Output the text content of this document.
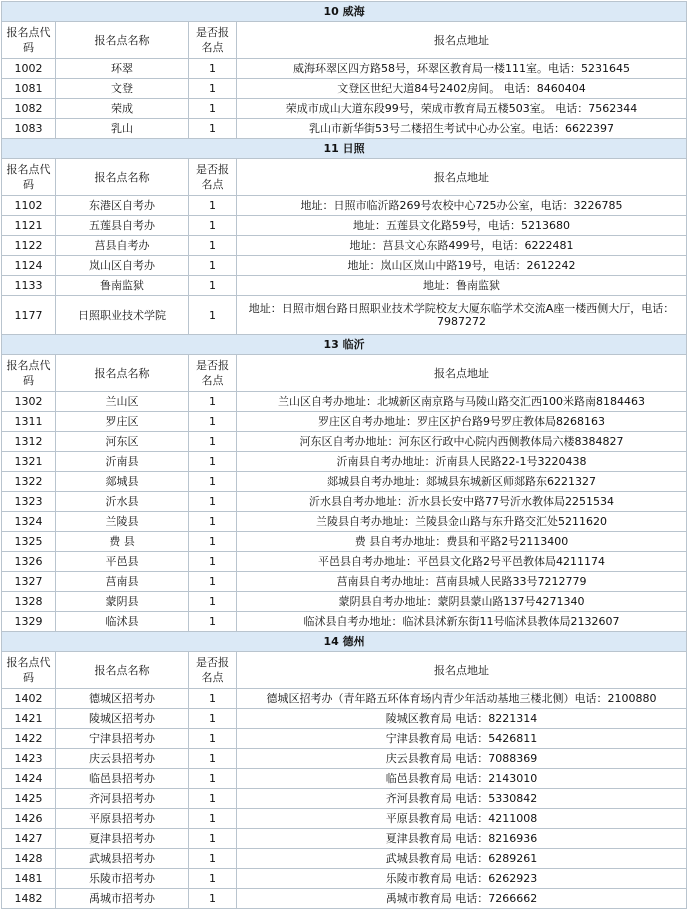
10 威海			
报名点代码	报名点名称	是否报名点	报名点地址
1002	环翠	1	威海环翠区四方路58号，环翠区教育局一楼111室。电话：5231645
1081	文登	1	文登区世纪大道84号2402房间。 电话：8460404
1082	荣成	1	荣成市成山大道东段99号，荣成市教育局五楼503室。 电话：7562344
1083	乳山	1	乳山市新华街53号二楼招生考试中心办公室。电话：6622397
11 日照			
报名点代码	报名点名称	是否报名点	报名点地址
1102	东港区自考办	1	地址：日照市临沂路269号农校中心725办公室，电话：3226785
1121	五莲县自考办	1	地址：五莲县文化路59号，电话：5213680
1122	莒县自考办	1	地址：莒县文心东路499号，电话：6222481
1124	岚山区自考办	1	地址：岚山区岚山中路19号，电话：2612242
1133	鲁南监狱	1	地址：鲁南监狱
1177	日照职业技术学院	1	地址：日照市烟台路日照职业技术学院校友大厦东临学术交流A座一楼西侧大厅，电话：7987272
13 临沂			
报名点代码	报名点名称	是否报名点	报名点地址
1302	兰山区	1	兰山区自考办地址：北城新区南京路与马陵山路交汇西100米路南8184463
1311	罗庄区	1	罗庄区自考办地址：罗庄区护台路9号罗庄教体局8268163
1312	河东区	1	河东区自考办地址：河东区行政中心院内西侧教体局六楼8384827
1321	沂南县	1	沂南县自考办地址：沂南县人民路22-1号3220438
1322	郯城县	1	郯城县自考办地址：郯城县东城新区师郯路东6221327
1323	沂水县	1	沂水县自考办地址：沂水县长安中路77号沂水教体局2251534
1324	兰陵县	1	兰陵县自考办地址：兰陵县金山路与东升路交汇处5211620
1325	费 县	1	费 县自考办地址：费县和平路2号2113400
1326	平邑县	1	平邑县自考办地址：平邑县文化路2号平邑教体局4211174
1327	莒南县	1	莒南县自考办地址：莒南县城人民路33号7212779
1328	蒙阴县	1	蒙阴县自考办地址：蒙阴县蒙山路137号4271340
1329	临沭县	1	临沭县自考办地址：临沭县沭新东街11号临沭县教体局2132607
14 德州			
报名点代码	报名点名称	是否报名点	报名点地址
1402	德城区招考办	1	德城区招考办（青年路五环体育场内青少年活动基地三楼北侧）电话：2100880
1421	陵城区招考办	1	陵城区教育局 电话：8221314
1422	宁津县招考办	1	宁津县教育局 电话：5426811
1423	庆云县招考办	1	庆云县教育局 电话：7088369
1424	临邑县招考办	1	临邑县教育局 电话：2143010
1425	齐河县招考办	1	齐河县教育局 电话：5330842
1426	平原县招考办	1	平原县教育局 电话：4211008
1427	夏津县招考办	1	夏津县教育局 电话：8216936
1428	武城县招考办	1	武城县教育局 电话：6289261
1481	乐陵市招考办	1	乐陵市教育局 电话：6262923
1482	禹城市招考办	1	禹城市教育局 电话：7266662
